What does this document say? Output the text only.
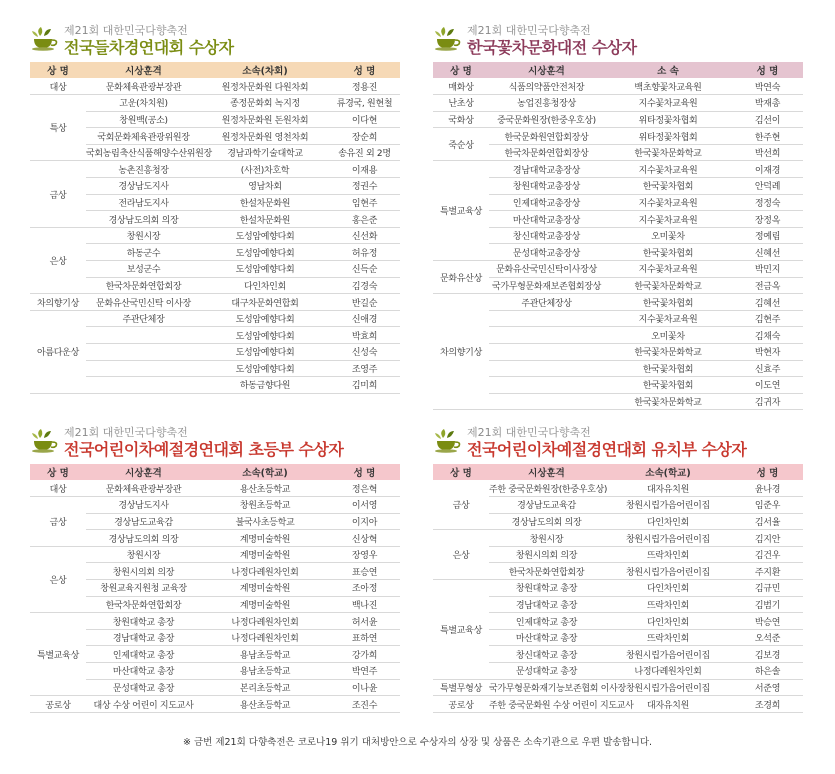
제21회 대한민국다향축전
전국들차경연대회 수상자
상 명	시상훈격	소속(차회)	성 명
대상	문화체육관광부장관	원정차문화원 다원차회	정용진
특상	고운(차치원)	종정문화회 녹지정	류경국, 원현철
	창원백(공소)	원정차문화원 돈원차회	이다현
	국회문화체육관광위원장	원정차문화원 영천차회	장순희
	국회농림축산식품해양수산위원장	경남과학기술대학교	송유진 외 2명
금상	농촌진흥청장	(사전)차호학	이재용
	경상남도지사	영남차회	정권수
	전라남도지사	한설차문화원	임현주
	경상남도의회 의장	한설차문화원	홍은준
은상	창원시장	도성암예향다회	신선화
	하동군수	도성암예향다회	허유정
	보성군수	도성암예향다회	신득순
	한국차문화연합회장	다인차인회	김경숙
차의향기상	문화유산국민신탁 이사장	대구차문화연합회	반길순
아름다운상	주관단체장	도성암예향다회	신애경
		도성암예향다회	박효희
		도성암예향다회	신성숙
		도성암예향다회	조영주
		하동금향다원	김미희
제21회 대한민국다향축전
한국꽃차문화대전 수상자
상 명	시상훈격	소 속	성 명
매화상	식품의약품안전처장	백초향꽃차교육원	박연숙
난초상	농업진흥청장상	지수꽃차교육원	박재총
국화상	중국문화원장(한중우호상)	위타정꽃차협회	김선이
죽순상	한국문화원연합회장상	위타정꽃차협회	한주현
	한국차문화연합회장상	한국꽃차문화학교	박선희
특별교육상	경남대학교총장상	지수꽃차교육원	이재경
	창원대학교총장상	한국꽃차협회	안덕례
	인제대학교총장상	지수꽃차교육원	정정숙
	마산대학교총장상	지수꽃차교육원	장정옥
	창신대학교총장상	오미꽃차	정예림
	문성대학교총장상	한국꽃차협회	신혜선
문화유산상	문화유산국민신탁이사장상	지수꽃차교육원	박민지
	국가무형문화재보존협회장상	한국꽃차문화학교	전금옥
차의향기상	주관단체장상	한국꽃차협회	김혜선
		지수꽃차교육원	김현주
		오미꽃차	김채숙
		한국꽃차문화학교	박현자
		한국꽃차협회	신효주
		한국꽃차협회	이도연
		한국꽃차문화학교	김귀자
제21회 대한민국다향축전
전국어린이차예절경연대회 초등부 수상자
상 명	시상훈격	소속(학교)	성 명
대상	문화체육관광부장관	용산초등학교	정은혁
금상	경상남도지사	창원초등학교	이서영
	경상남도교육감	불국사초등학교	이지아
	경상남도의회 의장	계명미술학원	신상혁
은상	창원시장	계명미술학원	장영우
	창원시의회 의장	나정다례원차인회	표승연
	창원교육지원청 교육장	계명미술학원	조아정
	한국차문화연합회장	계명미술학원	백나진
특별교육상	창원대학교 총장	나정다례원차인회	허서윤
	경남대학교 총장	나정다례원차인회	표하연
	인제대학교 총장	용남초등학교	강가희
	마산대학교 총장	용남초등학교	박연주
	문성대학교 총장	본리초등학교	이나윤
공로상	대상 수상 어린이 지도교사	용산초등학교	조진수
제21회 대한민국다향축전
전국어린이차예절경연대회 유치부 수상자
상 명	시상훈격	소속(학교)	성 명
금상	주한 중국문화원장(한중우호상)	대자유치원	윤나경
	경상남도교육감	창원시립가음어린이집	임준우
	경상남도의회 의장	다인차인회	김서율
은상	창원시장	창원시립가음어린이집	김지안
	창원시의회 의장	뜨락차인회	김건우
	한국차문화연합회장	창원시립가음어린이집	주지환
특별교육상	창원대학교 총장	다인차인회	김규민
	경남대학교 총장	뜨락차인회	김범기
	인제대학교 총장	다인차인회	박승연
	마산대학교 총장	뜨락차인회	오석준
	창신대학교 총장	창원시립가음어린이집	김보경
	문성대학교 총장	나정다례원차인회	하은솔
특별무형상	국가무형문화재기능보존협회 이사장	창원시립가음어린이집	서준영
공로상	주한 중국문화원 수상 어린이 지도교사	대자유치원	조경희
※ 금번 제21회 다향축전은 코로나19 위기 대처방안으로 수상자의 상장 및 상품은 소속기관으로 우편 발송합니다.
